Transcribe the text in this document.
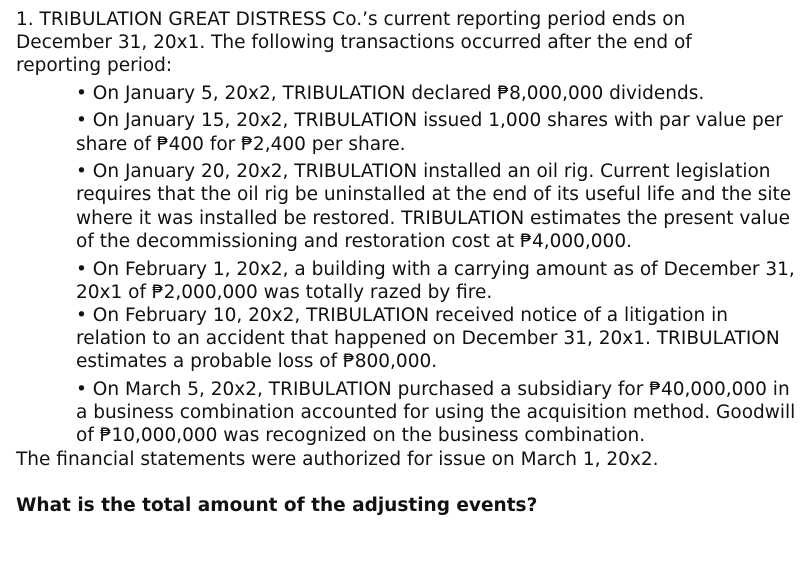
1. TRIBULATION GREAT DISTRESS Co.’s current reporting period ends on December 31, 20x1. The following transactions occurred after the end of reporting period:

• On January 5, 20x2, TRIBULATION declared ₱8,000,000 dividends.
• On January 15, 20x2, TRIBULATION issued 1,000 shares with par value per share of ₱400 for ₱2,400 per share.
• On January 20, 20x2, TRIBULATION installed an oil rig. Current legislation requires that the oil rig be uninstalled at the end of its useful life and the site where it was installed be restored. TRIBULATION estimates the present value of the decommissioning and restoration cost at ₱4,000,000.
• On February 1, 20x2, a building with a carrying amount as of December 31, 20x1 of ₱2,000,000 was totally razed by fire.
• On February 10, 20x2, TRIBULATION received notice of a litigation in relation to an accident that happened on December 31, 20x1. TRIBULATION estimates a probable loss of ₱800,000.
• On March 5, 20x2, TRIBULATION purchased a subsidiary for ₱40,000,000 in a business combination accounted for using the acquisition method. Goodwill of ₱10,000,000 was recognized on the business combination.

The financial statements were authorized for issue on March 1, 20x2.

What is the total amount of the adjusting events?
